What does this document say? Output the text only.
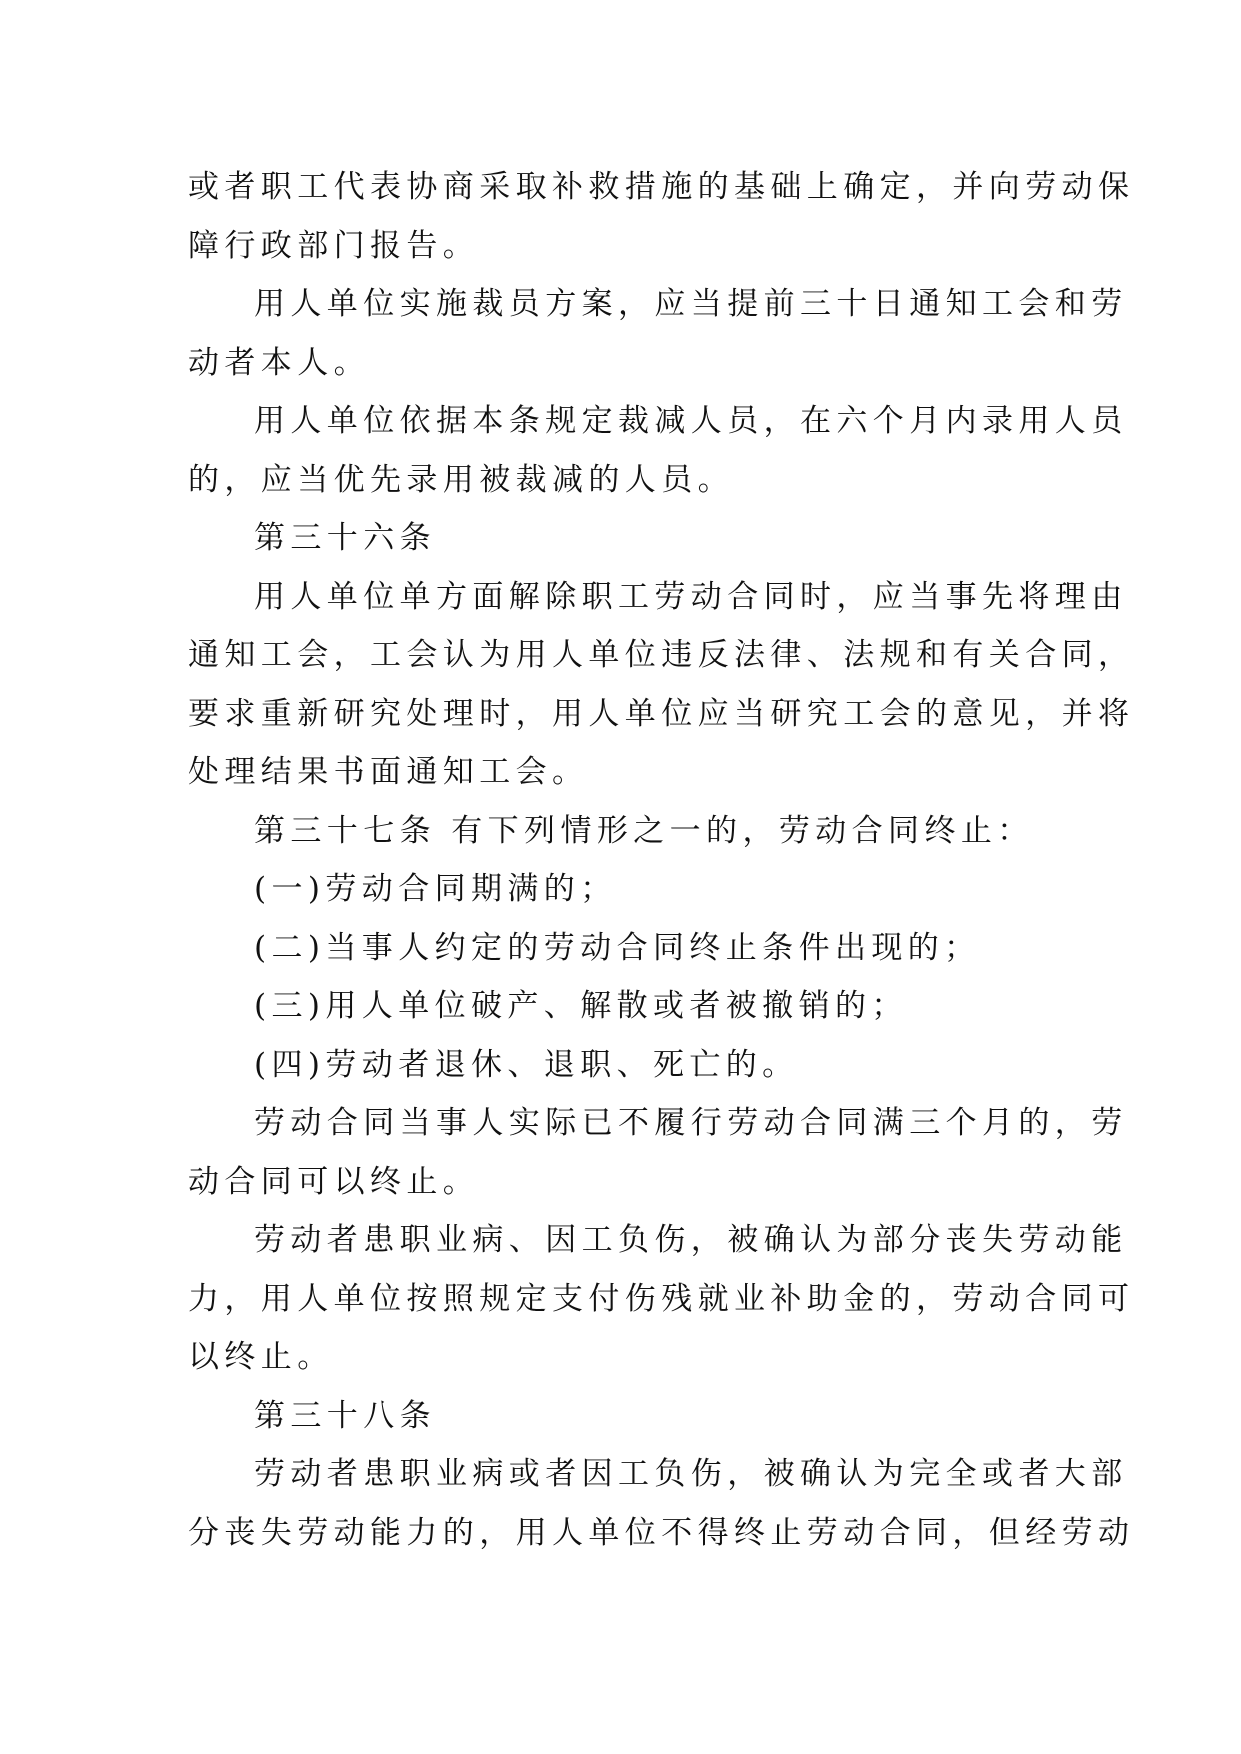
或者职工代表协商采取补救措施的基础上确定，并向劳动保
障行政部门报告。
用人单位实施裁员方案，应当提前三十日通知工会和劳
动者本人。
用人单位依据本条规定裁减人员，在六个月内录用人员
的，应当优先录用被裁减的人员。
第三十六条
用人单位单方面解除职工劳动合同时，应当事先将理由
通知工会，工会认为用人单位违反法律、法规和有关合同，
要求重新研究处理时，用人单位应当研究工会的意见，并将
处理结果书面通知工会。
第三十七条 有下列情形之一的，劳动合同终止：
(一)劳动合同期满的；
(二)当事人约定的劳动合同终止条件出现的；
(三)用人单位破产、解散或者被撤销的；
(四)劳动者退休、退职、死亡的。
劳动合同当事人实际已不履行劳动合同满三个月的，劳
动合同可以终止。
劳动者患职业病、因工负伤，被确认为部分丧失劳动能
力，用人单位按照规定支付伤残就业补助金的，劳动合同可
以终止。
第三十八条
劳动者患职业病或者因工负伤，被确认为完全或者大部
分丧失劳动能力的，用人单位不得终止劳动合同，但经劳动
